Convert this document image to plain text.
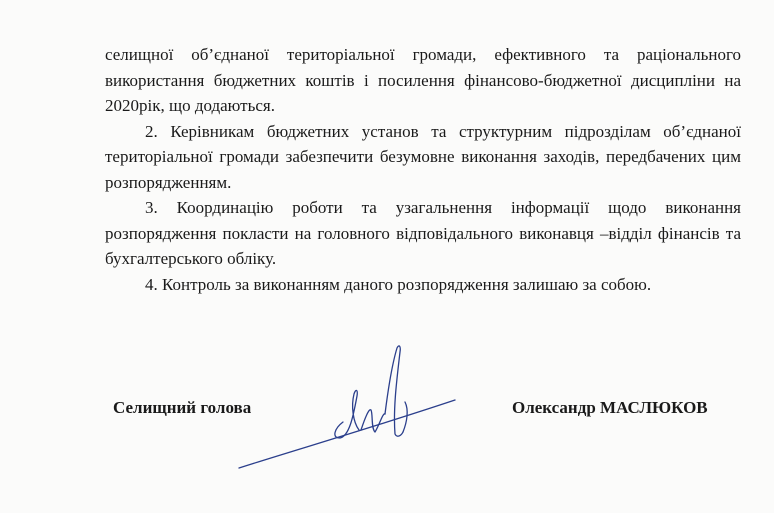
селищної об’єднаної територіальної громади, ефективного та раціонального використання бюджетних коштів і посилення фінансово-бюджетної дисципліни на 2020рік, що додаються.

2. Керівникам бюджетних установ та структурним підрозділам об’єднаної територіальної громади забезпечити безумовне виконання заходів, передбачених цим розпорядженням.

3. Координацію роботи та узагальнення інформації щодо виконання розпорядження покласти на головного відповідального виконавця –відділ фінансів та бухгалтерського обліку.

4. Контроль за виконанням даного розпорядження залишаю за собою.

Селищний голова	Олександр МАСЛЮКОВ
